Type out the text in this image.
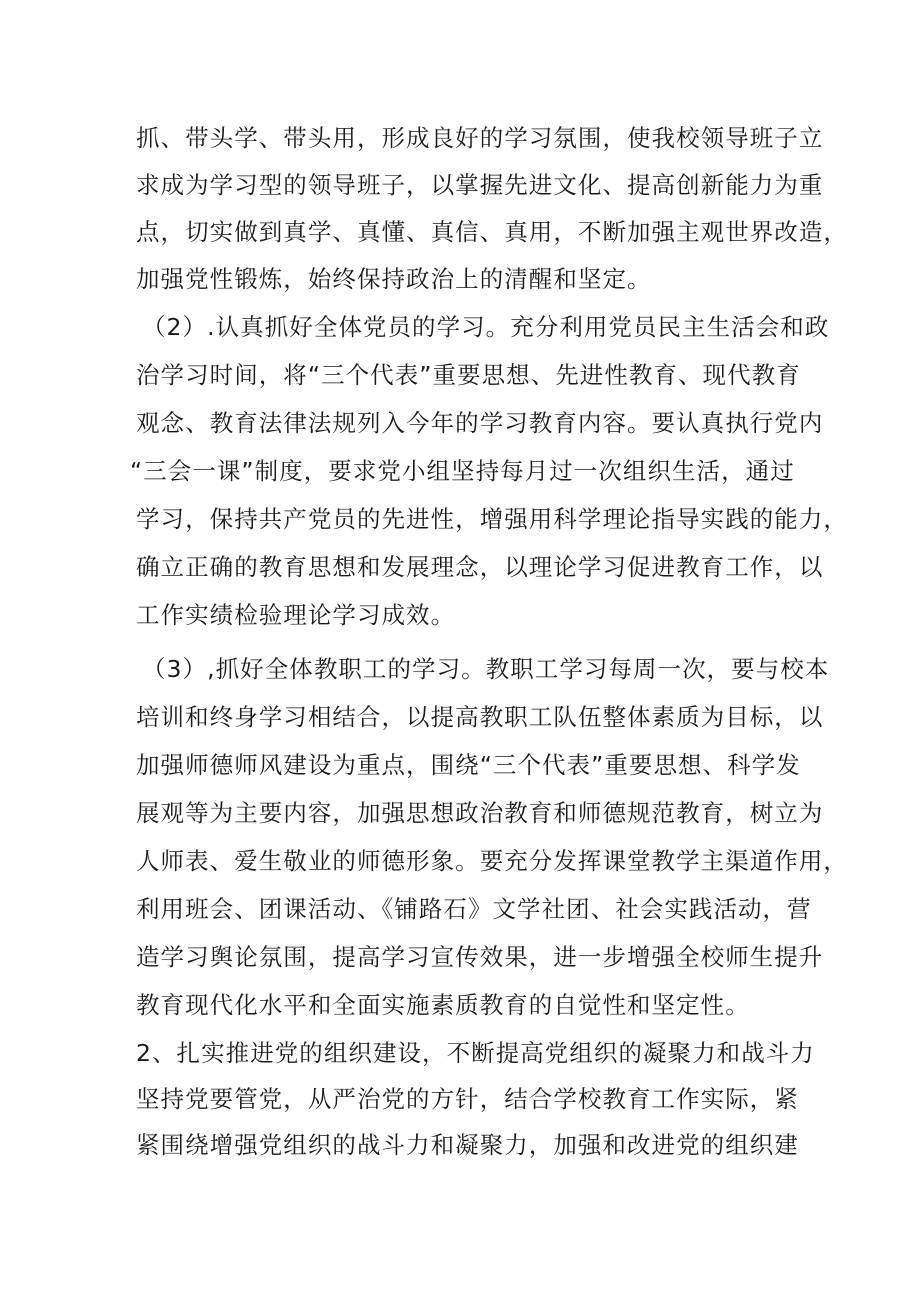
抓、带头学、带头用，形成良好的学习氛围，使我校领导班子立
求成为学习型的领导班子，以掌握先进文化、提高创新能力为重
点，切实做到真学、真懂、真信、真用，不断加强主观世界改造，
加强党性锻炼，始终保持政治上的清醒和坚定。
（2）.认真抓好全体党员的学习。充分利用党员民主生活会和政
治学习时间，将“三个代表”重要思想、先进性教育、现代教育
观念、教育法律法规列入今年的学习教育内容。要认真执行党内
“三会一课”制度，要求党小组坚持每月过一次组织生活，通过
学习，保持共产党员的先进性，增强用科学理论指导实践的能力，
确立正确的教育思想和发展理念，以理论学习促进教育工作，以
工作实绩检验理论学习成效。
（3）,抓好全体教职工的学习。教职工学习每周一次，要与校本
培训和终身学习相结合，以提高教职工队伍整体素质为目标，以
加强师德师风建设为重点，围绕“三个代表”重要思想、科学发
展观等为主要内容，加强思想政治教育和师德规范教育，树立为
人师表、爱生敬业的师德形象。要充分发挥课堂教学主渠道作用，
利用班会、团课活动、《铺路石》文学社团、社会实践活动，营
造学习舆论氛围，提高学习宣传效果，进一步增强全校师生提升
教育现代化水平和全面实施素质教育的自觉性和坚定性。
2、扎实推进党的组织建设，不断提高党组织的凝聚力和战斗力
坚持党要管党，从严治党的方针，结合学校教育工作实际，紧
紧围绕增强党组织的战斗力和凝聚力，加强和改进党的组织建
